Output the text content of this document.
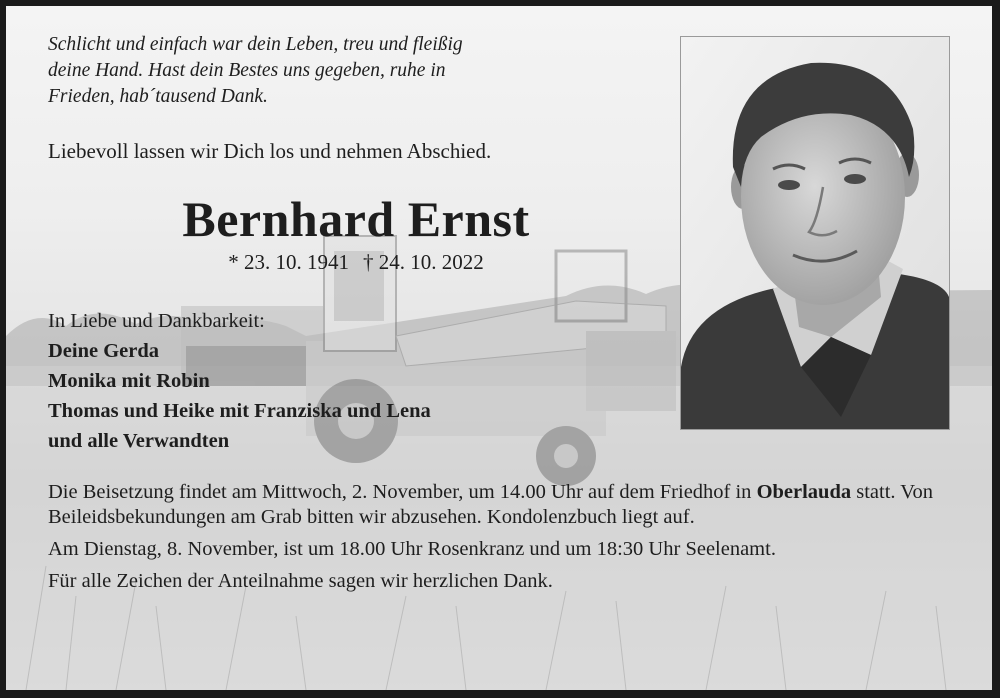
Schlicht und einfach war dein Leben, treu und fleißig
deine Hand. Hast dein Bestes uns gegeben, ruhe in
Frieden, hab´tausend Dank.

Liebevoll lassen wir Dich los und nehmen Abschied.

Bernhard Ernst

* 23. 10. 1941 † 24. 10. 2022

In Liebe und Dankbarkeit:
Deine Gerda
Monika mit Robin
Thomas und Heike mit Franziska und Lena
und alle Verwandten

Die Beisetzung findet am Mittwoch, 2. November, um 14.00 Uhr auf dem Friedhof in Oberlauda statt. Von Beileidsbekundungen am Grab bitten wir abzusehen. Kondolenzbuch liegt auf.

Am Dienstag, 8. November, ist um 18.00 Uhr Rosenkranz und um 18:30 Uhr Seelenamt.

Für alle Zeichen der Anteilnahme sagen wir herzlichen Dank.
